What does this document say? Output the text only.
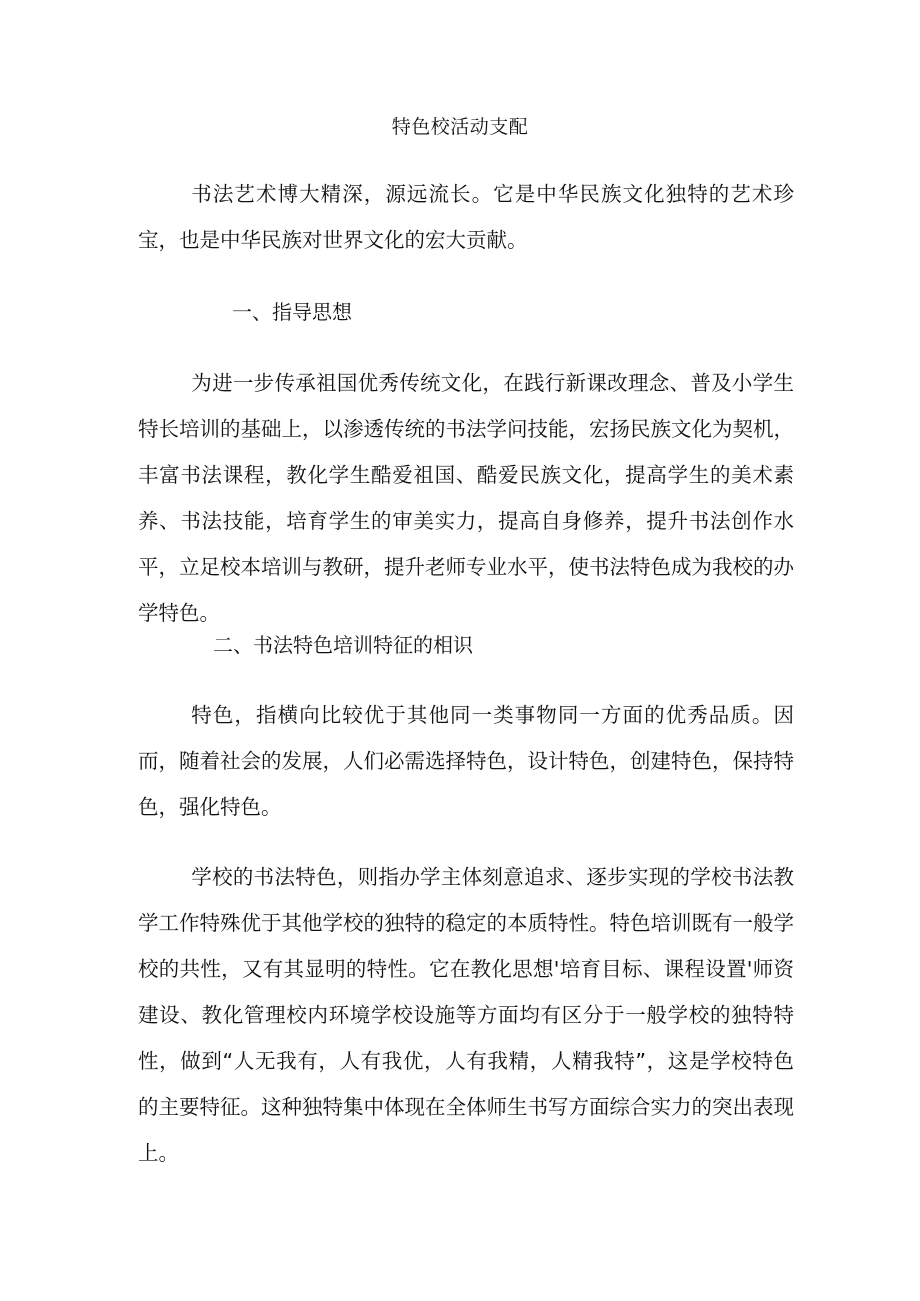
特色校活动支配

书法艺术博大精深，源远流长。它是中华民族文化独特的艺术珍宝，也是中华民族对世界文化的宏大贡献。

一、指导思想

为进一步传承祖国优秀传统文化，在践行新课改理念、普及小学生特长培训的基础上，以渗透传统的书法学问技能，宏扬民族文化为契机，丰富书法课程，教化学生酷爱祖国、酷爱民族文化，提高学生的美术素养、书法技能，培育学生的审美实力，提高自身修养，提升书法创作水平，立足校本培训与教研，提升老师专业水平，使书法特色成为我校的办学特色。

二、书法特色培训特征的相识

特色，指横向比较优于其他同一类事物同一方面的优秀品质。因而，随着社会的发展，人们必需选择特色，设计特色，创建特色，保持特色，强化特色。

学校的书法特色，则指办学主体刻意追求、逐步实现的学校书法教学工作特殊优于其他学校的独特的稳定的本质特性。特色培训既有一般学校的共性，又有其显明的特性。它在教化思想'培育目标、课程设置'师资建设、教化管理校内环境学校设施等方面均有区分于一般学校的独特特性，做到“人无我有，人有我优，人有我精，人精我特”，这是学校特色的主要特征。这种独特集中体现在全体师生书写方面综合实力的突出表现上。
